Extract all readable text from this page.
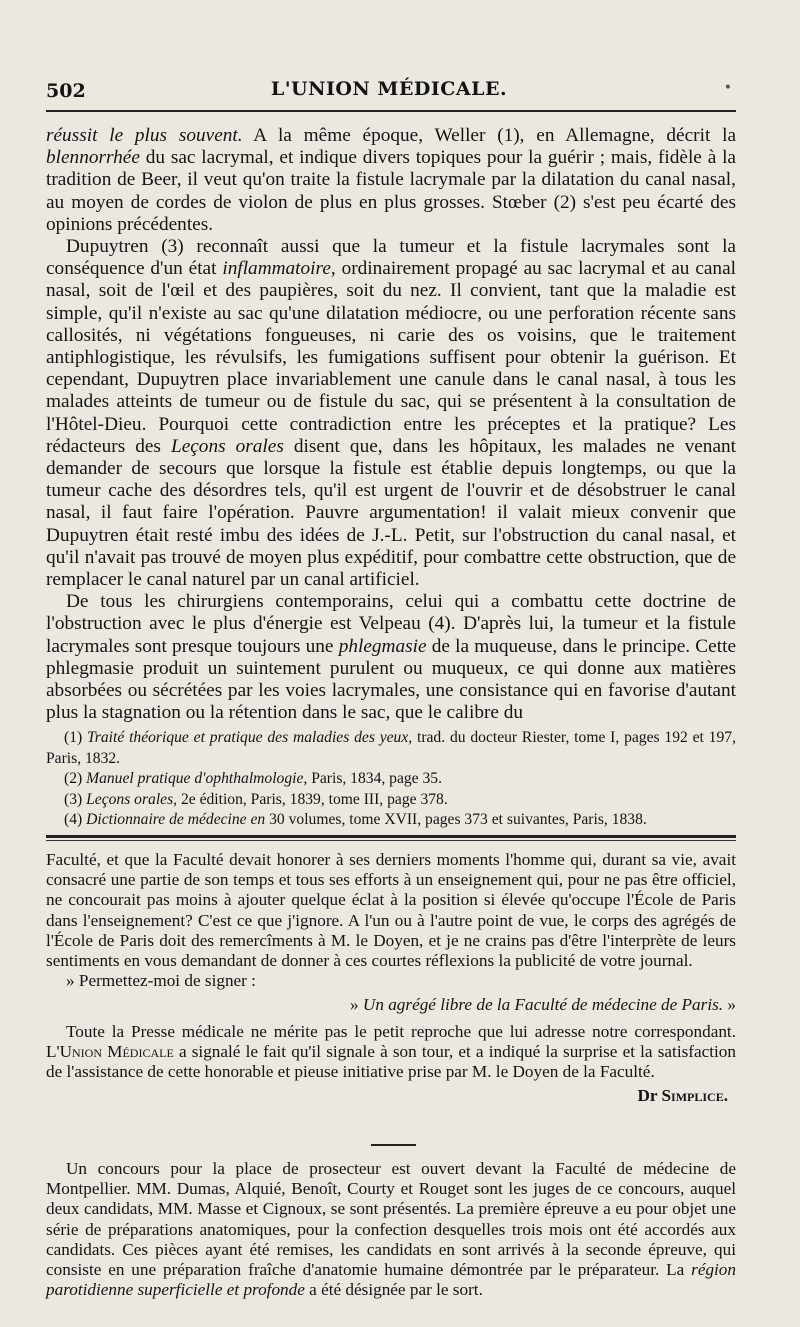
502	L'UNION MÉDICALE.	•

réussit le plus souvent. A la même époque, Weller (1), en Allemagne, décrit la blennorrhée du sac lacrymal, et indique divers topiques pour la guérir ; mais, fidèle à la tradition de Beer, il veut qu'on traite la fistule lacrymale par la dilatation du canal nasal, au moyen de cordes de violon de plus en plus grosses. Stœber (2) s'est peu écarté des opinions précédentes.

Dupuytren (3) reconnaît aussi que la tumeur et la fistule lacrymales sont la conséquence d'un état inflammatoire, ordinairement propagé au sac lacrymal et au canal nasal, soit de l'œil et des paupières, soit du nez. Il convient, tant que la maladie est simple, qu'il n'existe au sac qu'une dilatation médiocre, ou une perforation récente sans callosités, ni végétations fongueuses, ni carie des os voisins, que le traitement antiphlogistique, les révulsifs, les fumigations suffisent pour obtenir la guérison. Et cependant, Dupuytren place invariablement une canule dans le canal nasal, à tous les malades atteints de tumeur ou de fistule du sac, qui se présentent à la consultation de l'Hôtel-Dieu. Pourquoi cette contradiction entre les préceptes et la pratique? Les rédacteurs des Leçons orales disent que, dans les hôpitaux, les malades ne venant demander de secours que lorsque la fistule est établie depuis longtemps, ou que la tumeur cache des désordres tels, qu'il est urgent de l'ouvrir et de désobstruer le canal nasal, il faut faire l'opération. Pauvre argumentation! il valait mieux convenir que Dupuytren était resté imbu des idées de J.-L. Petit, sur l'obstruction du canal nasal, et qu'il n'avait pas trouvé de moyen plus expéditif, pour combattre cette obstruction, que de remplacer le canal naturel par un canal artificiel.

De tous les chirurgiens contemporains, celui qui a combattu cette doctrine de l'obstruction avec le plus d'énergie est Velpeau (4). D'après lui, la tumeur et la fistule lacrymales sont presque toujours une phlegmasie de la muqueuse, dans le principe. Cette phlegmasie produit un suintement purulent ou muqueux, ce qui donne aux matières absorbées ou sécrétées par les voies lacrymales, une consistance qui en favorise d'autant plus la stagnation ou la rétention dans le sac, que le calibre du

(1) Traité théorique et pratique des maladies des yeux, trad. du docteur Riester, tome I, pages 192 et 197, Paris, 1832.

(2) Manuel pratique d'ophthalmologie, Paris, 1834, page 35.

(3) Leçons orales, 2e édition, Paris, 1839, tome III, page 378.

(4) Dictionnaire de médecine en 30 volumes, tome XVII, pages 373 et suivantes, Paris, 1838.

Faculté, et que la Faculté devait honorer à ses derniers moments l'homme qui, durant sa vie, avait consacré une partie de son temps et tous ses efforts à un enseignement qui, pour ne pas être officiel, ne concourait pas moins à ajouter quelque éclat à la position si élevée qu'occupe l'École de Paris dans l'enseignement? C'est ce que j'ignore. A l'un ou à l'autre point de vue, le corps des agrégés de l'École de Paris doit des remercîments à M. le Doyen, et je ne crains pas d'être l'interprète de leurs sentiments en vous demandant de donner à ces courtes réflexions la publicité de votre journal.

» Permettez-moi de signer :

» Un agrégé libre de la Faculté de médecine de Paris. »

Toute la Presse médicale ne mérite pas le petit reproche que lui adresse notre correspondant. L'Union Médicale a signalé le fait qu'il signale à son tour, et a indiqué la surprise et la satisfaction de l'assistance de cette honorable et pieuse initiative prise par M. le Doyen de la Faculté.

Dr Simplice.

Un concours pour la place de prosecteur est ouvert devant la Faculté de médecine de Montpellier. MM. Dumas, Alquié, Benoît, Courty et Rouget sont les juges de ce concours, auquel deux candidats, MM. Masse et Cignoux, se sont présentés. La première épreuve a eu pour objet une série de préparations anatomiques, pour la confection desquelles trois mois ont été accordés aux candidats. Ces pièces ayant été remises, les candidats en sont arrivés à la seconde épreuve, qui consiste en une préparation fraîche d'anatomie humaine démontrée par le préparateur. La région parotidienne superficielle et profonde a été désignée par le sort.
